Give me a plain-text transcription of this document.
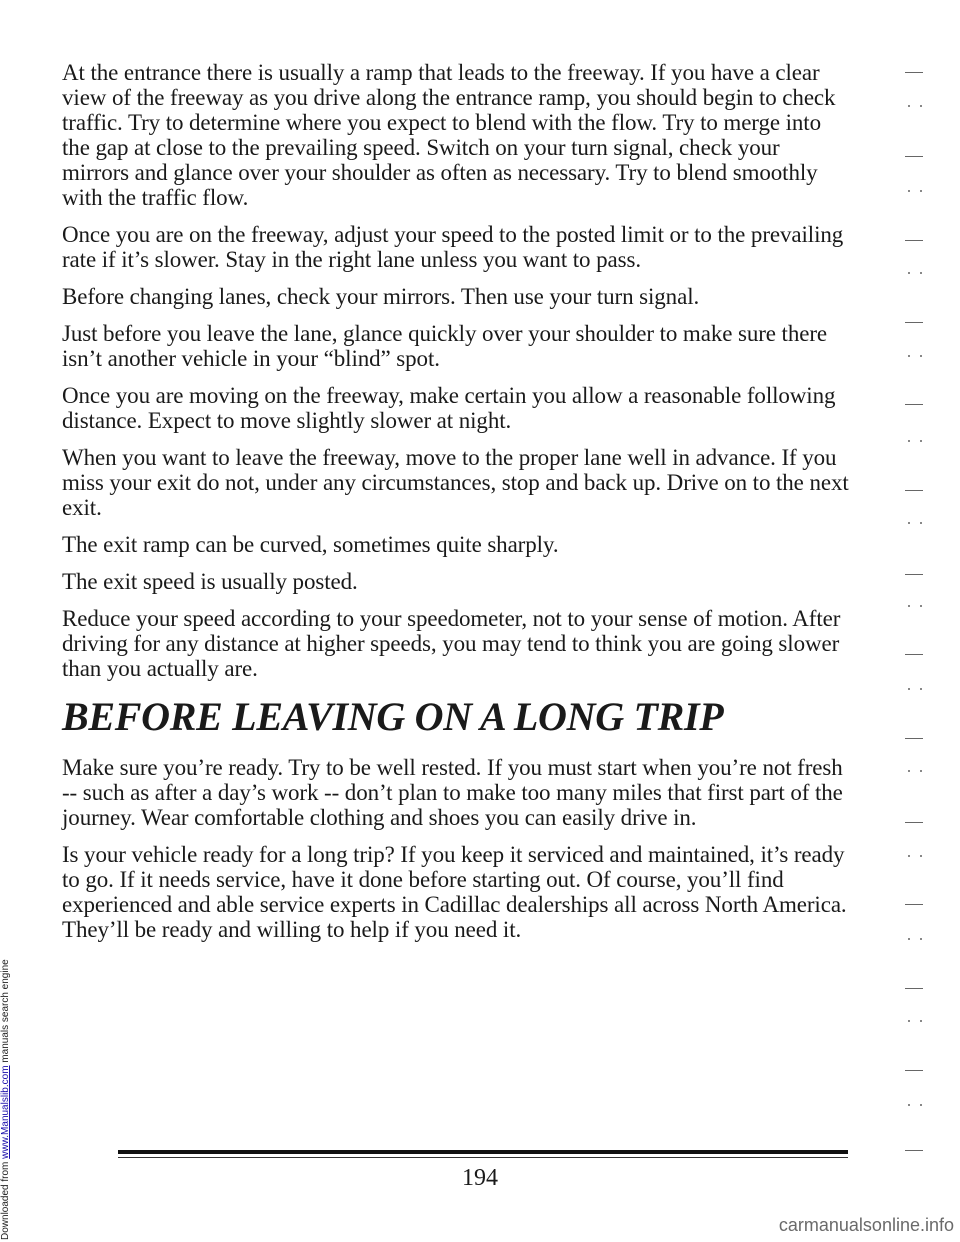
Downloaded from www.Manualslib.com manuals search engine

At the entrance there is usually a ramp that leads to the freeway. If you have a clear view of the freeway as you drive along the entrance ramp, you should begin to check traffic. Try to determine where you expect to blend with the flow. Try to merge into the gap at close to the prevailing speed. Switch on your turn signal, check your mirrors and glance over your shoulder as often as necessary. Try to blend smoothly with the traffic flow.

Once you are on the freeway, adjust your speed to the posted limit or to the prevailing rate if it’s slower. Stay in the right lane unless you want to pass.

Before changing lanes, check your mirrors. Then use your turn signal.

Just before you leave the lane, glance quickly over your shoulder to make sure there isn’t another vehicle in your “blind” spot.

Once you are moving on the freeway, make certain you allow a reasonable following distance. Expect to move slightly slower at night.

When you want to leave the freeway, move to the proper lane well in advance. If you miss your exit do not, under any circumstances, stop and back up. Drive on to the next exit.

The exit ramp can be curved, sometimes quite sharply.

The exit speed is usually posted.

Reduce your speed according to your speedometer, not to your sense of motion. After driving for any distance at higher speeds, you may tend to think you are going slower than you actually are.

BEFORE LEAVING ON A LONG TRIP

Make sure you’re ready. Try to be well rested. If you must start when you’re not fresh -- such as after a day’s work -- don’t plan to make too many miles that first part of the journey. Wear comfortable clothing and shoes you can easily drive in.

Is your vehicle ready for a long trip? If you keep it serviced and maintained, it’s ready to go. If it needs service, have it done before starting out. Of course, you’ll find experienced and able service experts in Cadillac dealerships all across North America. They’ll be ready and willing to help if you need it.

194
carmanualsonline.info
